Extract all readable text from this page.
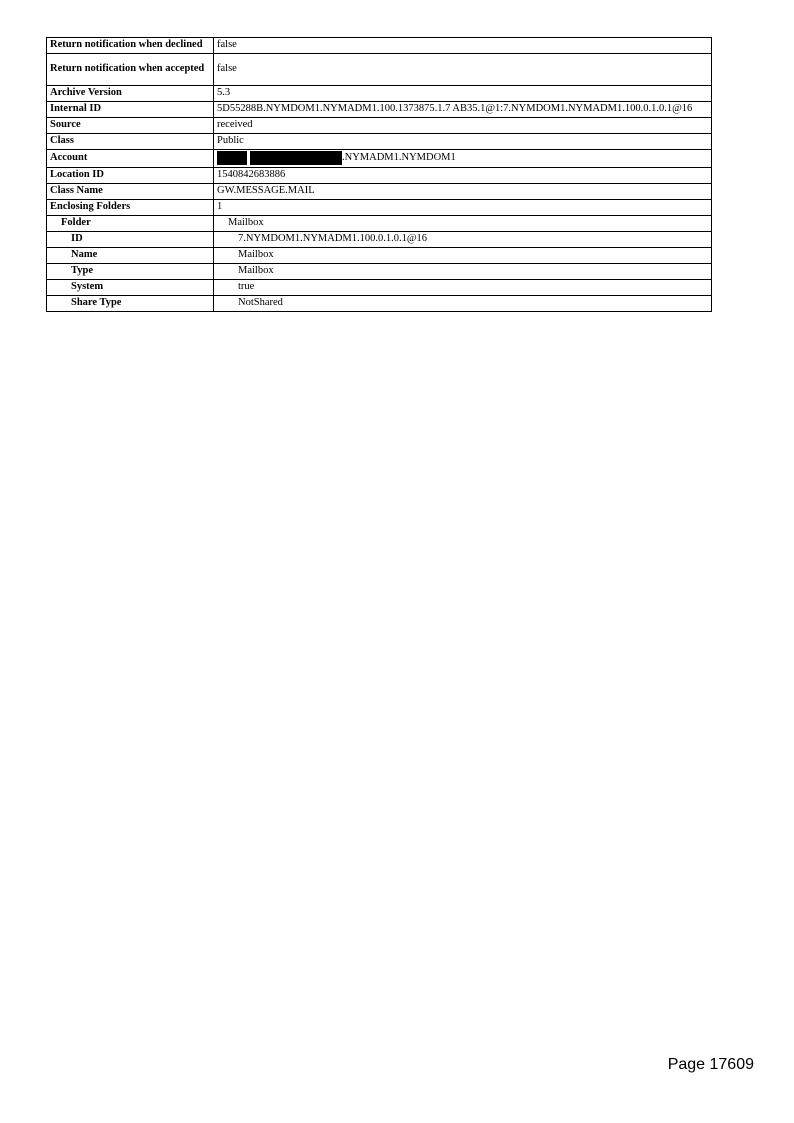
Return notification when declined	false
Return notification when accepted	false
Archive Version	5.3
Internal ID	5D55288B.NYMDOM1.NYMADM1.100.1373875.1.7 AB35.1@1:7.NYMDOM1.NYMADM1.100.0.1.0.1@16
Source	received
Class	Public
Account	.NYMADM1.NYMDOM1
Location ID	1540842683886
Class Name	GW.MESSAGE.MAIL
Enclosing Folders	1
Folder	Mailbox
ID	7.NYMDOM1.NYMADM1.100.0.1.0.1@16
Name	Mailbox
Type	Mailbox
System	true
Share Type	NotShared
Page 17609
